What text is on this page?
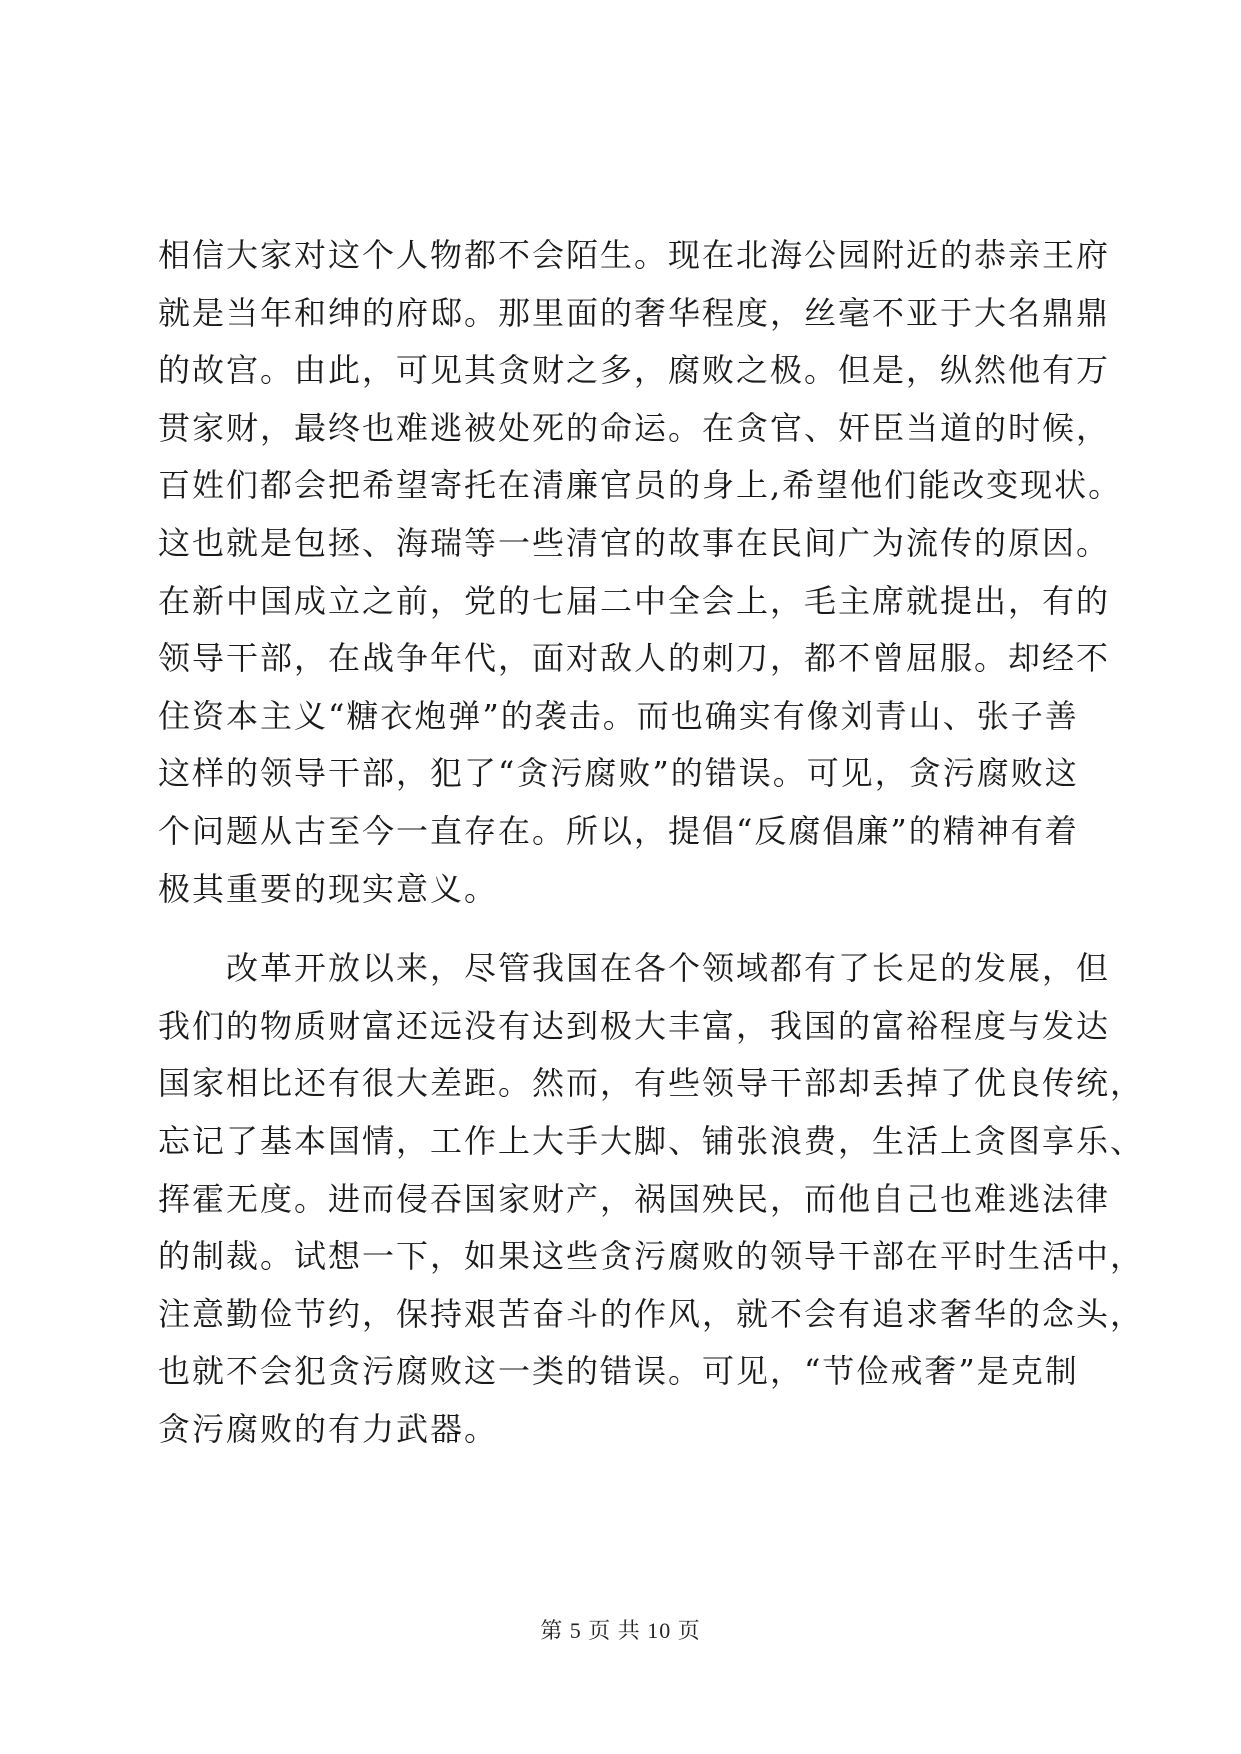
相信大家对这个人物都不会陌生。现在北海公园附近的恭亲王府
就是当年和绅的府邸。那里面的奢华程度，丝毫不亚于大名鼎鼎
的故宫。由此，可见其贪财之多，腐败之极。但是，纵然他有万
贯家财，最终也难逃被处死的命运。在贪官、奸臣当道的时候，
百姓们都会把希望寄托在清廉官员的身上,希望他们能改变现状。
这也就是包拯、海瑞等一些清官的故事在民间广为流传的原因。
在新中国成立之前，党的七届二中全会上，毛主席就提出，有的
领导干部，在战争年代，面对敌人的刺刀，都不曾屈服。却经不
住资本主义“糖衣炮弹”的袭击。而也确实有像刘青山、张子善
这样的领导干部，犯了“贪污腐败”的错误。可见，贪污腐败这
个问题从古至今一直存在。所以，提倡“反腐倡廉”的精神有着
极其重要的现实意义。
　　改革开放以来，尽管我国在各个领域都有了长足的发展，但
我们的物质财富还远没有达到极大丰富，我国的富裕程度与发达
国家相比还有很大差距。然而，有些领导干部却丢掉了优良传统，
忘记了基本国情，工作上大手大脚、铺张浪费，生活上贪图享乐、
挥霍无度。进而侵吞国家财产，祸国殃民，而他自己也难逃法律
的制裁。试想一下，如果这些贪污腐败的领导干部在平时生活中，
注意勤俭节约，保持艰苦奋斗的作风，就不会有追求奢华的念头，
也就不会犯贪污腐败这一类的错误。可见，“节俭戒奢”是克制
贪污腐败的有力武器。
第 5 页 共 10 页
